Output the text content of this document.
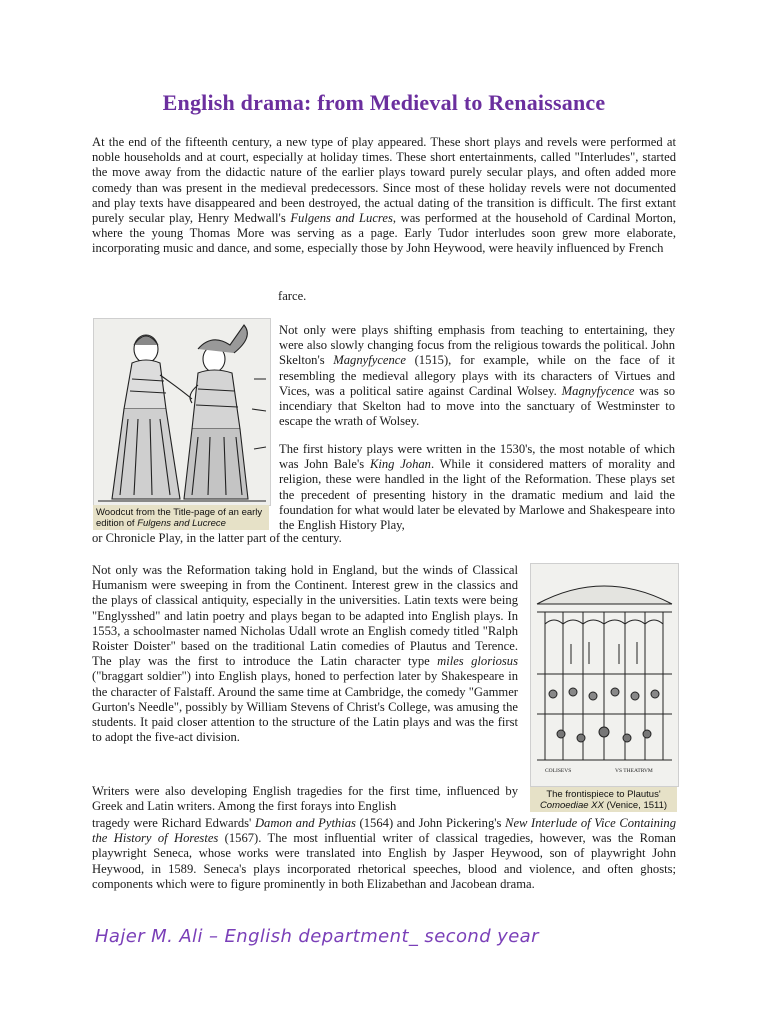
English drama: from Medieval to Renaissance

At the end of the fifteenth century, a new type of play appeared. These short plays and revels were performed at noble households and at court, especially at holiday times. These short entertainments, called "Interludes", started the move away from the didactic nature of the earlier plays toward purely secular plays, and often added more comedy than was present in the medieval predecessors. Since most of these holiday revels were not documented and play texts have disappeared and been destroyed, the actual dating of the transition is difficult. The first extant purely secular play, Henry Medwall's Fulgens and Lucres, was performed at the household of Cardinal Morton, where the young Thomas More was serving as a page. Early Tudor interludes soon grew more elaborate, incorporating music and dance, and some, especially those by John Heywood, were heavily influenced by French

farce.

Woodcut from the Title-page of an early edition of Fulgens and Lucrece

Not only were plays shifting emphasis from teaching to entertaining, they were also slowly changing focus from the religious towards the political. John Skelton's Magnyfycence (1515), for example, while on the face of it resembling the medieval allegory plays with its characters of Virtues and Vices, was a political satire against Cardinal Wolsey. Magnyfycence was so incendiary that Skelton had to move into the sanctuary of Westminster to escape the wrath of Wolsey.

The first history plays were written in the 1530's, the most notable of which was John Bale's King Johan. While it considered matters of morality and religion, these were handled in the light of the Reformation. These plays set the precedent of presenting history in the dramatic medium and laid the foundation for what would later be elevated by Marlowe and Shakespeare into the English History Play,

or Chronicle Play, in the latter part of the century.

Not only was the Reformation taking hold in England, but the winds of Classical Humanism were sweeping in from the Continent. Interest grew in the classics and the plays of classical antiquity, especially in the universities. Latin texts were being "Englysshed" and latin poetry and plays began to be adapted into English plays. In 1553, a schoolmaster named Nicholas Udall wrote an English comedy titled "Ralph Roister Doister" based on the traditional Latin comedies of Plautus and Terence. The play was the first to introduce the Latin character type miles gloriosus ("braggart soldier") into English plays, honed to perfection later by Shakespeare in the character of Falstaff. Around the same time at Cambridge, the comedy "Gammer Gurton's Needle", possibly by William Stevens of Christ's College, was amusing the students. It paid closer attention to the structure of the Latin plays and was the first to adopt the five-act division.

COLISEVS	VS THEATRVM
The frontispiece to Plautus'
Comoediae XX (Venice, 1511)

Writers were also developing English tragedies for the first time, influenced by Greek and Latin writers. Among the first forays into English

tragedy were Richard Edwards' Damon and Pythias (1564) and John Pickering's New Interlude of Vice Containing the History of Horestes (1567). The most influential writer of classical tragedies, however, was the Roman playwright Seneca, whose works were translated into English by Jasper Heywood, son of playwright John Heywood, in 1589. Seneca's plays incorporated rhetorical speeches, blood and violence, and often ghosts; components which were to figure prominently in both Elizabethan and Jacobean drama.

Hajer M. Ali – English department_ second year
